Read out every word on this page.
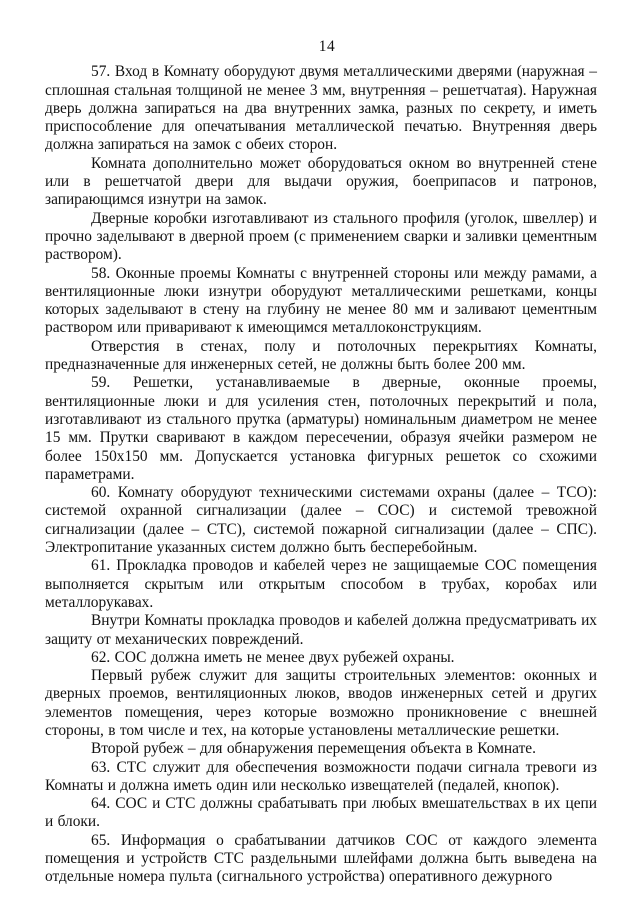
14

57. Вход в Комнату оборудуют двумя металлическими дверями (наружная – сплошная стальная толщиной не менее 3 мм, внутренняя – решетчатая). Наружная дверь должна запираться на два внутренних замка, разных по секрету, и иметь приспособление для опечатывания металлической печатью. Внутренняя дверь должна запираться на замок с обеих сторон.

Комната дополнительно может оборудоваться окном во внутренней стене или в решетчатой двери для выдачи оружия, боеприпасов и патронов, запирающимся изнутри на замок.

Дверные коробки изготавливают из стального профиля (уголок, швеллер) и прочно заделывают в дверной проем (с применением сварки и заливки цементным раствором).

58. Оконные проемы Комнаты с внутренней стороны или между рамами, а вентиляционные люки изнутри оборудуют металлическими решетками, концы которых заделывают в стену на глубину не менее 80 мм и заливают цементным раствором или приваривают к имеющимся металлоконструкциям.

Отверстия в стенах, полу и потолочных перекрытиях Комнаты, предназначенные для инженерных сетей, не должны быть более 200 мм.

59. Решетки, устанавливаемые в дверные, оконные проемы, вентиляционные люки и для усиления стен, потолочных перекрытий и пола, изготавливают из стального прутка (арматуры) номинальным диаметром не менее 15 мм. Прутки сваривают в каждом пересечении, образуя ячейки размером не более 150х150 мм. Допускается установка фигурных решеток со схожими параметрами.

60. Комнату оборудуют техническими системами охраны (далее – ТСО): системой охранной сигнализации (далее – СОС) и системой тревожной сигнализации (далее – СТС), системой пожарной сигнализации (далее – СПС). Электропитание указанных систем должно быть бесперебойным.

61. Прокладка проводов и кабелей через не защищаемые СОС помещения выполняется скрытым или открытым способом в трубах, коробах или металлорукавах.

Внутри Комнаты прокладка проводов и кабелей должна предусматривать их защиту от механических повреждений.

62. СОС должна иметь не менее двух рубежей охраны.

Первый рубеж служит для защиты строительных элементов: оконных и дверных проемов, вентиляционных люков, вводов инженерных сетей и других элементов помещения, через которые возможно проникновение с внешней стороны, в том числе и тех, на которые установлены металлические решетки.

Второй рубеж – для обнаружения перемещения объекта в Комнате.

63. СТС служит для обеспечения возможности подачи сигнала тревоги из Комнаты и должна иметь один или несколько извещателей (педалей, кнопок).

64. СОС и СТС должны срабатывать при любых вмешательствах в их цепи и блоки.

65. Информация о срабатывании датчиков СОС от каждого элемента помещения и устройств СТС раздельными шлейфами должна быть выведена на отдельные номера пульта (сигнального устройства) оперативного дежурного
